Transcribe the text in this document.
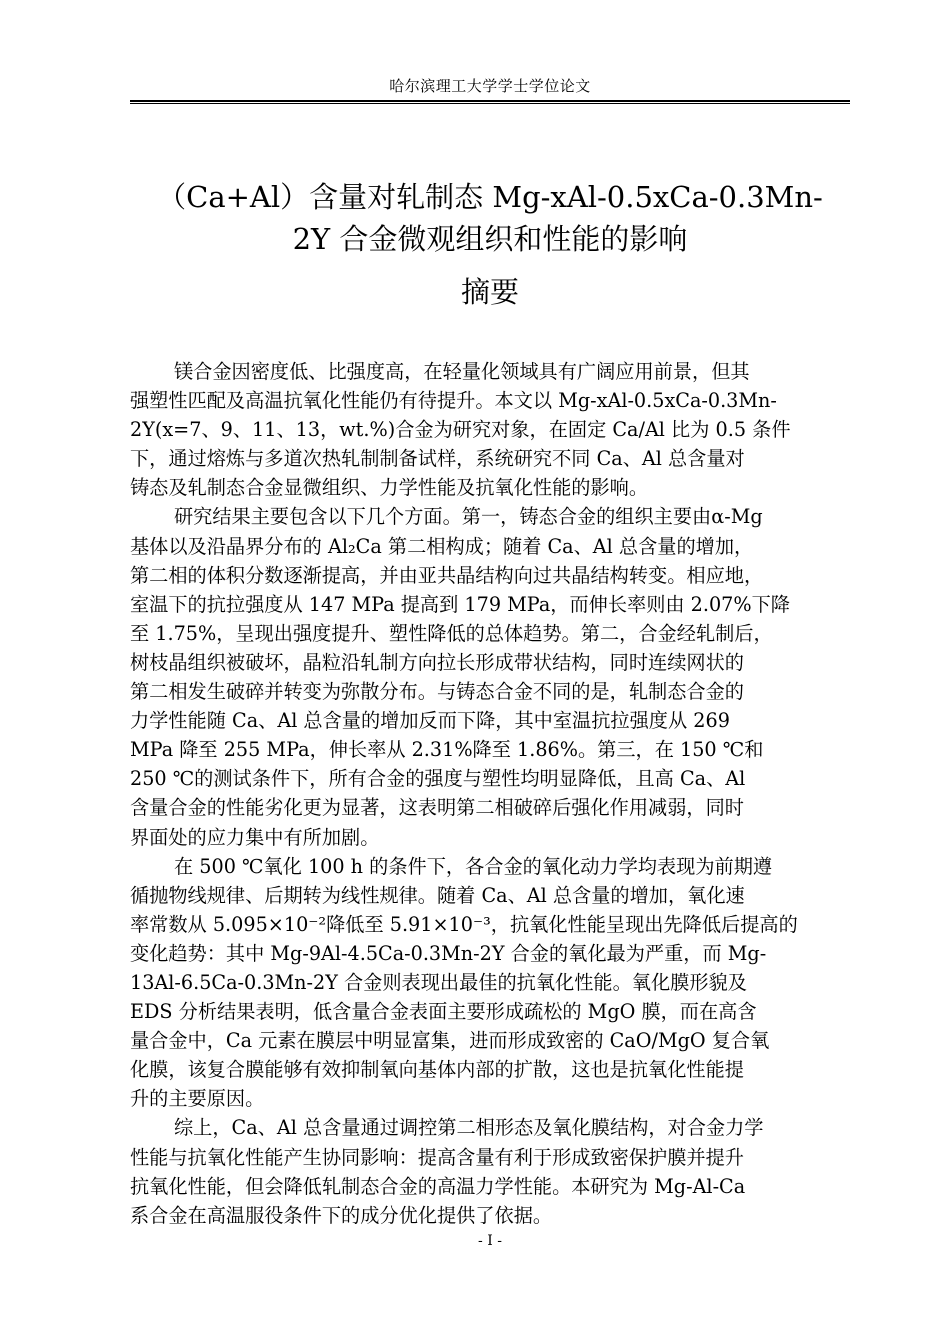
哈尔滨理工大学学士学位论文
（Ca+Al）含量对轧制态 Mg-xAl-0.5xCa-0.3Mn-
2Y 合金微观组织和性能的影响
摘要

镁合金因密度低、比强度高，在轻量化领域具有广阔应用前景，但其
强塑性匹配及高温抗氧化性能仍有待提升。本文以 Mg-xAl-0.5xCa-0.3Mn-
2Y(x=7、9、11、13，wt.%)合金为研究对象，在固定 Ca/Al 比为 0.5 条件
下，通过熔炼与多道次热轧制制备试样，系统研究不同 Ca、Al 总含量对
铸态及轧制态合金显微组织、力学性能及抗氧化性能的影响。

研究结果主要包含以下几个方面。第一，铸态合金的组织主要由α-Mg
基体以及沿晶界分布的 Al₂Ca 第二相构成；随着 Ca、Al 总含量的增加，
第二相的体积分数逐渐提高，并由亚共晶结构向过共晶结构转变。相应地，
室温下的抗拉强度从 147 MPa 提高到 179 MPa，而伸长率则由 2.07%下降
至 1.75%，呈现出强度提升、塑性降低的总体趋势。第二，合金经轧制后，
树枝晶组织被破坏，晶粒沿轧制方向拉长形成带状结构，同时连续网状的
第二相发生破碎并转变为弥散分布。与铸态合金不同的是，轧制态合金的
力学性能随 Ca、Al 总含量的增加反而下降，其中室温抗拉强度从 269
MPa 降至 255 MPa，伸长率从 2.31%降至 1.86%。第三，在 150 ℃和
250 ℃的测试条件下，所有合金的强度与塑性均明显降低，且高 Ca、Al
含量合金的性能劣化更为显著，这表明第二相破碎后强化作用减弱，同时
界面处的应力集中有所加剧。

在 500 ℃氧化 100 h 的条件下，各合金的氧化动力学均表现为前期遵
循抛物线规律、后期转为线性规律。随着 Ca、Al 总含量的增加，氧化速
率常数从 5.095×10⁻²降低至 5.91×10⁻³，抗氧化性能呈现出先降低后提高的
变化趋势：其中 Mg-9Al-4.5Ca-0.3Mn-2Y 合金的氧化最为严重，而 Mg-
13Al-6.5Ca-0.3Mn-2Y 合金则表现出最佳的抗氧化性能。氧化膜形貌及
EDS 分析结果表明，低含量合金表面主要形成疏松的 MgO 膜，而在高含
量合金中，Ca 元素在膜层中明显富集，进而形成致密的 CaO/MgO 复合氧
化膜，该复合膜能够有效抑制氧向基体内部的扩散，这也是抗氧化性能提
升的主要原因。

综上，Ca、Al 总含量通过调控第二相形态及氧化膜结构，对合金力学
性能与抗氧化性能产生协同影响：提高含量有利于形成致密保护膜并提升
抗氧化性能，但会降低轧制态合金的高温力学性能。本研究为 Mg-Al-Ca
系合金在高温服役条件下的成分优化提供了依据。

- I -
